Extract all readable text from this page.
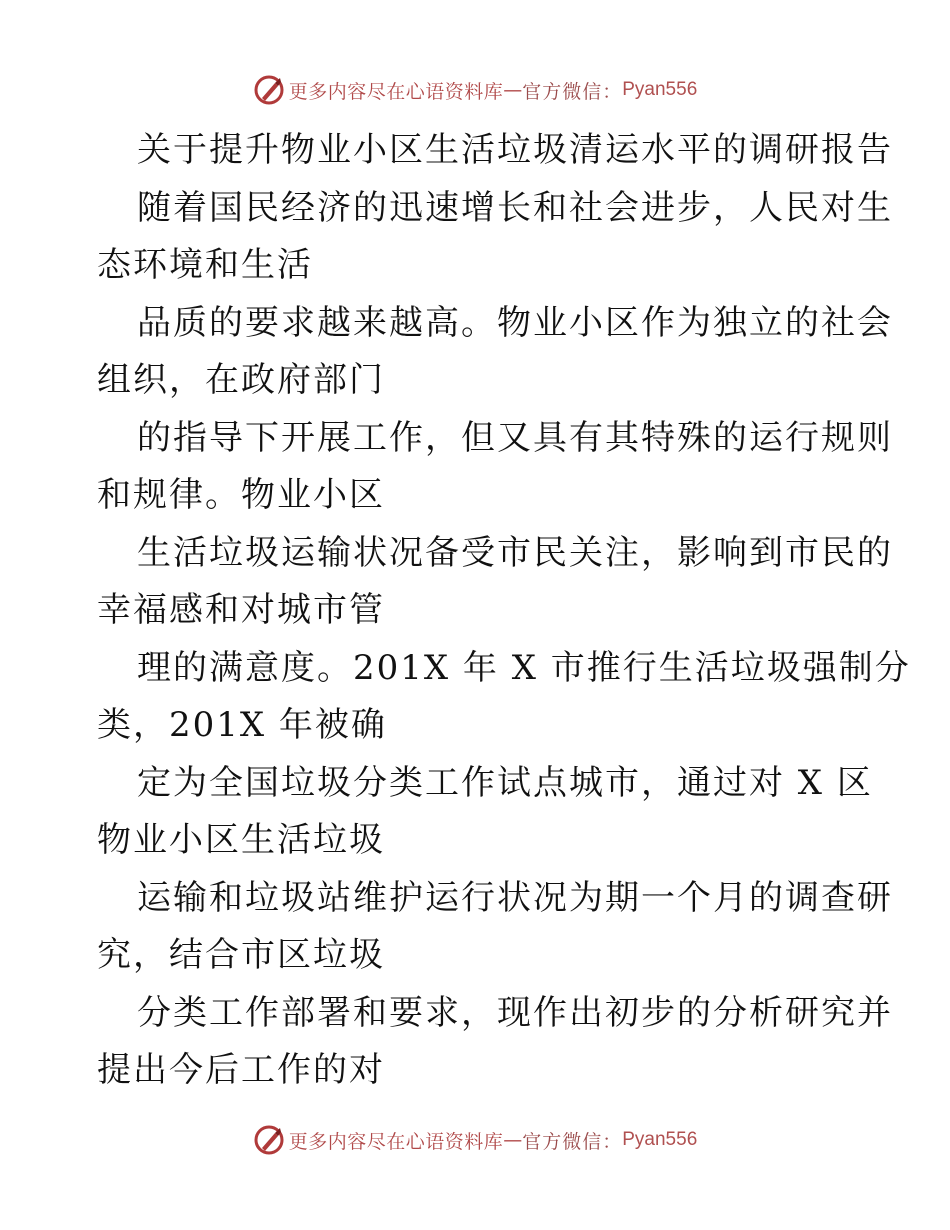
更多内容尽在心语资料库 — 官方微信： Pyan556
关于提升物业小区生活垃圾清运水平的调研报告
随着国民经济的迅速增长和社会进步，人民对生
态环境和生活
品质的要求越来越高。物业小区作为独立的社会
组织，在政府部门
的指导下开展工作，但又具有其特殊的运行规则
和规律。物业小区
生活垃圾运输状况备受市民关注，影响到市民的
幸福感和对城市管
理的满意度。201X 年 X 市推行生活垃圾强制分
类，201X 年被确
定为全国垃圾分类工作试点城市，通过对 X 区
物业小区生活垃圾
运输和垃圾站维护运行状况为期一个月的调查研
究，结合市区垃圾
分类工作部署和要求，现作出初步的分析研究并
提出今后工作的对
更多内容尽在心语资料库 — 官方微信： Pyan556
